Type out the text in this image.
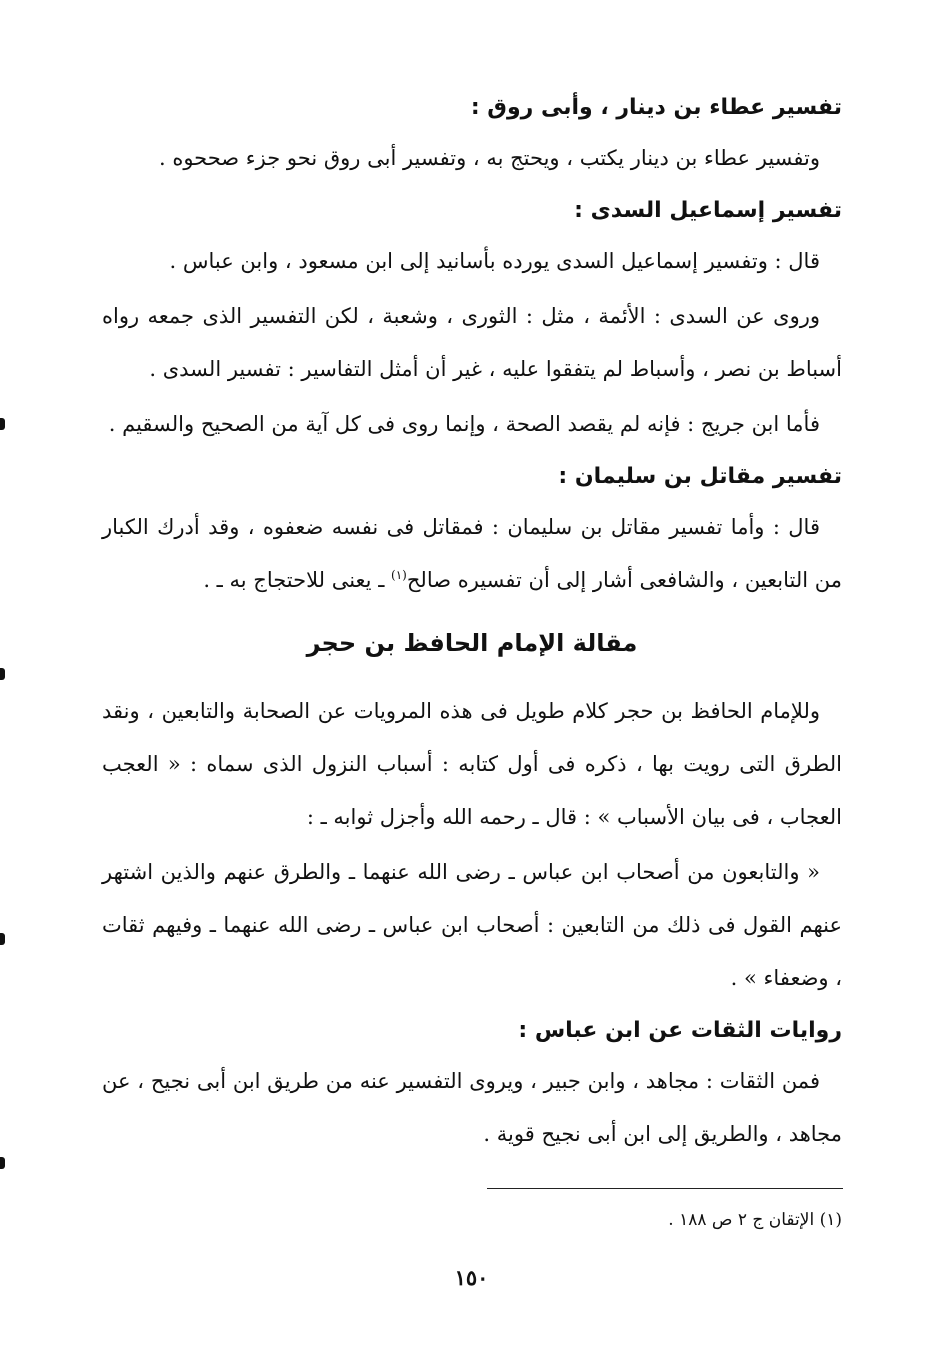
تفسير عطاء بن دينار ، وأبى روق :

وتفسير عطاء بن دينار يكتب ، ويحتج به ، وتفسير أبى روق نحو جزء صححوه .

تفسير إسماعيل السدى :

قال : وتفسير إسماعيل السدى يورده بأسانيد إلى ابن مسعود ، وابن عباس .

وروى عن السدى : الأئمة ، مثل : الثورى ، وشعبة ، لكن التفسير الذى جمعه رواه أسباط بن نصر ، وأسباط لم يتفقوا عليه ، غير أن أمثل التفاسير : تفسير السدى .

فأما ابن جريج : فإنه لم يقصد الصحة ، وإنما روى فى كل آية من الصحيح والسقيم .

تفسير مقاتل بن سليمان :

قال : وأما تفسير مقاتل بن سليمان : فمقاتل فى نفسه ضعفوه ، وقد أدرك الكبار من التابعين ، والشافعى أشار إلى أن تفسيره صالح$^{(١)}$ ـ يعنى للاحتجاج به ـ .

مقالة الإمام الحافظ بن حجر

وللإمام الحافظ بن حجر كلام طويل فى هذه المرويات عن الصحابة والتابعين ، ونقد الطرق التى رويت بها ، ذكره فى أول كتابه : أسباب النزول الذى سماه : « العجب العجاب ، فى بيان الأسباب » : قال ـ رحمه الله وأجزل ثوابه ـ :

« والتابعون من أصحاب ابن عباس ـ رضى الله عنهما ـ والطرق عنهم والذين اشتهر عنهم القول فى ذلك من التابعين : أصحاب ابن عباس ـ رضى الله عنهما ـ وفيهم ثقات ، وضعفاء » .

روايات الثقات عن ابن عباس :

فمن الثقات : مجاهد ، وابن جبير ، ويروى التفسير عنه من طريق ابن أبى نجيح ، عن مجاهد ، والطريق إلى ابن أبى نجيح قوية .

(١) الإتقان ج ٢ ص ١٨٨ .
١٥٠
